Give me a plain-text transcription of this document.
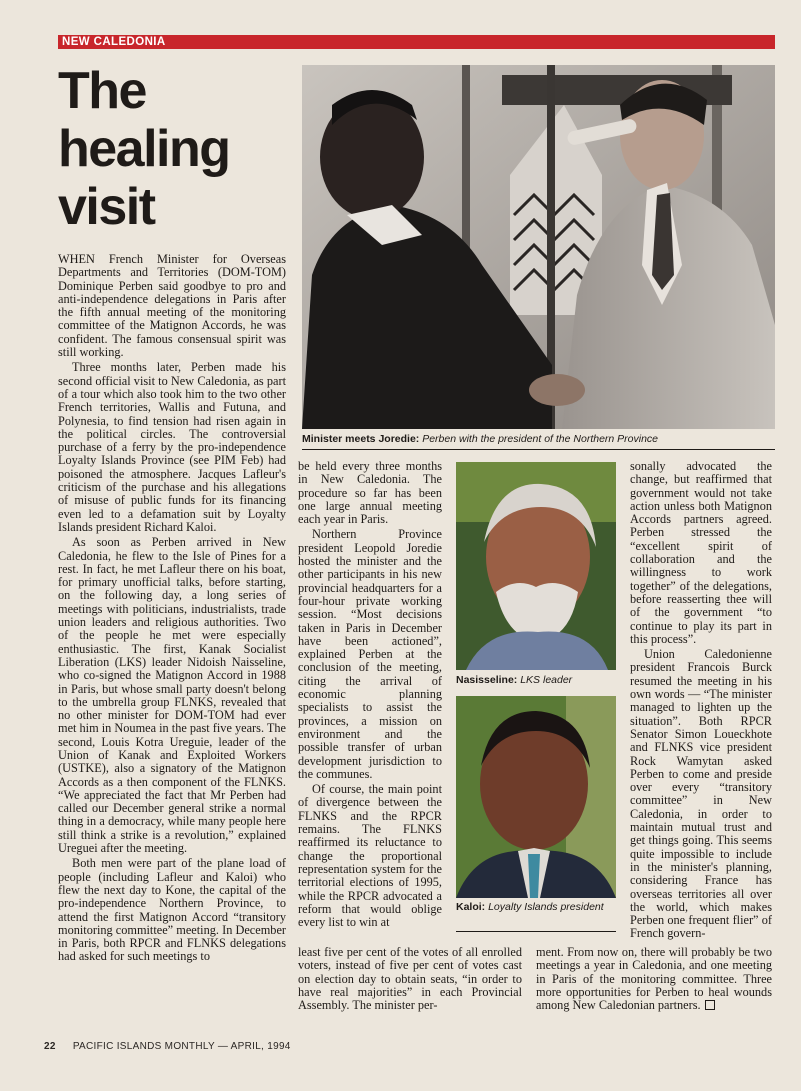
NEW CALEDONIA
The
healing
visit
Minister meets Joredie: Perben with the president of the Northern Province

WHEN French Minister for Overseas Departments and Territories (DOM-TOM) Dominique Perben said goodbye to pro and anti-independence delegations in Paris after the fifth annual meeting of the monitoring committee of the Matignon Accords, he was confident. The famous consensual spirit was still working.

Three months later, Perben made his second official visit to New Caledonia, as part of a tour which also took him to the two other French territories, Wallis and Futuna, and Polynesia, to find tension had risen again in the political circles. The controversial purchase of a ferry by the pro-independence Loyalty Islands Province (see PIM Feb) had poisoned the atmosphere. Jacques Lafleur's criticism of the purchase and his allegations of misuse of public funds for its financing even led to a defamation suit by Loyalty Islands president Richard Kaloi.

As soon as Perben arrived in New Caledonia, he flew to the Isle of Pines for a rest. In fact, he met Lafleur there on his boat, for primary unofficial talks, before starting, on the following day, a long series of meetings with politicians, industrialists, trade union leaders and religious authorities. Two of the people he met were especially enthusiastic. The first, Kanak Socialist Liberation (LKS) leader Nidoish Naisseline, who co-signed the Matignon Accord in 1988 in Paris, but whose small party doesn't belong to the umbrella group FLNKS, revealed that no other minister for DOM-TOM had ever met him in Noumea in the past five years. The second, Louis Kotra Ureguie, leader of the Union of Kanak and Exploited Workers (USTKE), also a signatory of the Matignon Accords as a then component of the FLNKS. “We appreciated the fact that Mr Perben had called our December general strike a normal thing in a democracy, while many people here still think a strike is a revolution,” explained Ureguei after the meeting.

Both men were part of the plane load of people (including Lafleur and Kaloi) who flew the next day to Kone, the capital of the pro-independence Northern Province, to attend the first Matignon Accord “transitory monitoring committee” meeting. In December in Paris, both RPCR and FLNKS delegations had asked for such meetings to

be held every three months in New Caledonia. The procedure so far has been one large annual meeting each year in Paris.

Northern Province president Leopold Joredie hosted the minister and the other participants in his new provincial headquarters for a four-hour private working session. “Most decisions taken in Paris in December have been actioned”, explained Perben at the conclusion of the meeting, citing the arrival of economic planning specialists to assist the provinces, a mission on environment and the possible transfer of urban development jurisdiction to the communes.

Of course, the main point of divergence between the FLNKS and the RPCR remains. The FLNKS reaffirmed its reluctance to change the proportional representation system for the territorial elections of 1995, while the RPCR advocated a reform that would oblige every list to win at

least five per cent of the votes of all enrolled voters, instead of five per cent of votes cast on election day to obtain seats, “in order to have real majorities” in each Provincial Assembly. The minister per-

Nasisseline: LKS leader
Kaloi: Loyalty Islands president

sonally advocated the change, but reaffirmed that government would not take action unless both Matignon Accords partners agreed. Perben stressed the “excellent spirit of collaboration and the willingness to work together” of the delegations, before reasserting thee will of the government “to continue to play its part in this process”.

Union Caledonienne president Francois Burck resumed the meeting in his own words — “The minister managed to lighten up the situation”. Both RPCR Senator Simon Loueckhote and FLNKS vice president Rock Wamytan asked Perben to come and preside over every “transitory committee” in New Caledonia, in order to maintain mutual trust and get things going. This seems quite impossible to include in the minister's planning, considering France has overseas territories all over the world, which makes Perben one frequent flier” of French govern-

ment. From now on, there will probably be two meetings a year in Caledonia, and one meeting in Paris of the monitoring committee. Three more opportunities for Perben to heal wounds among New Caledonian partners.

22 PACIFIC ISLANDS MONTHLY — APRIL, 1994
